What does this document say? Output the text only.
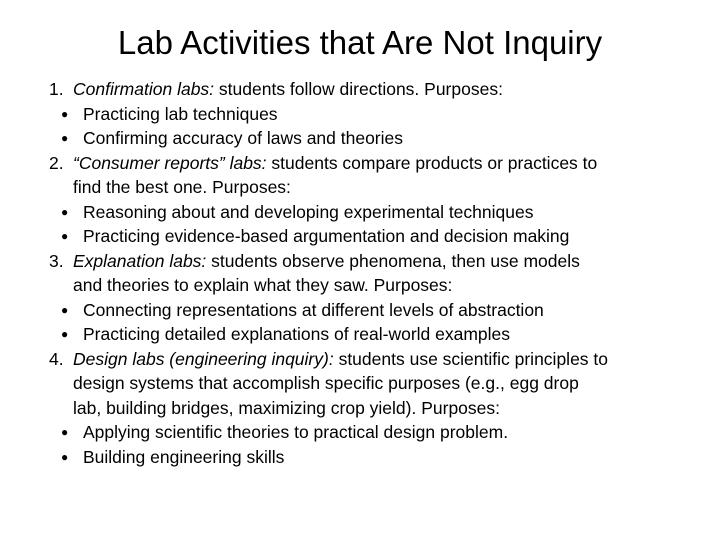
Lab Activities that Are Not Inquiry
1. Confirmation labs: students follow directions. Purposes:
● Practicing lab techniques
● Confirming accuracy of laws and theories
2. “Consumer reports” labs: students compare products or practices to
find the best one. Purposes:
● Reasoning about and developing experimental techniques
● Practicing evidence-based argumentation and decision making
3. Explanation labs: students observe phenomena, then use models
and theories to explain what they saw. Purposes:
● Connecting representations at different levels of abstraction
● Practicing detailed explanations of real-world examples
4. Design labs (engineering inquiry): students use scientific principles to
design systems that accomplish specific purposes (e.g., egg drop
lab, building bridges, maximizing crop yield). Purposes:
● Applying scientific theories to practical design problem.
● Building engineering skills
